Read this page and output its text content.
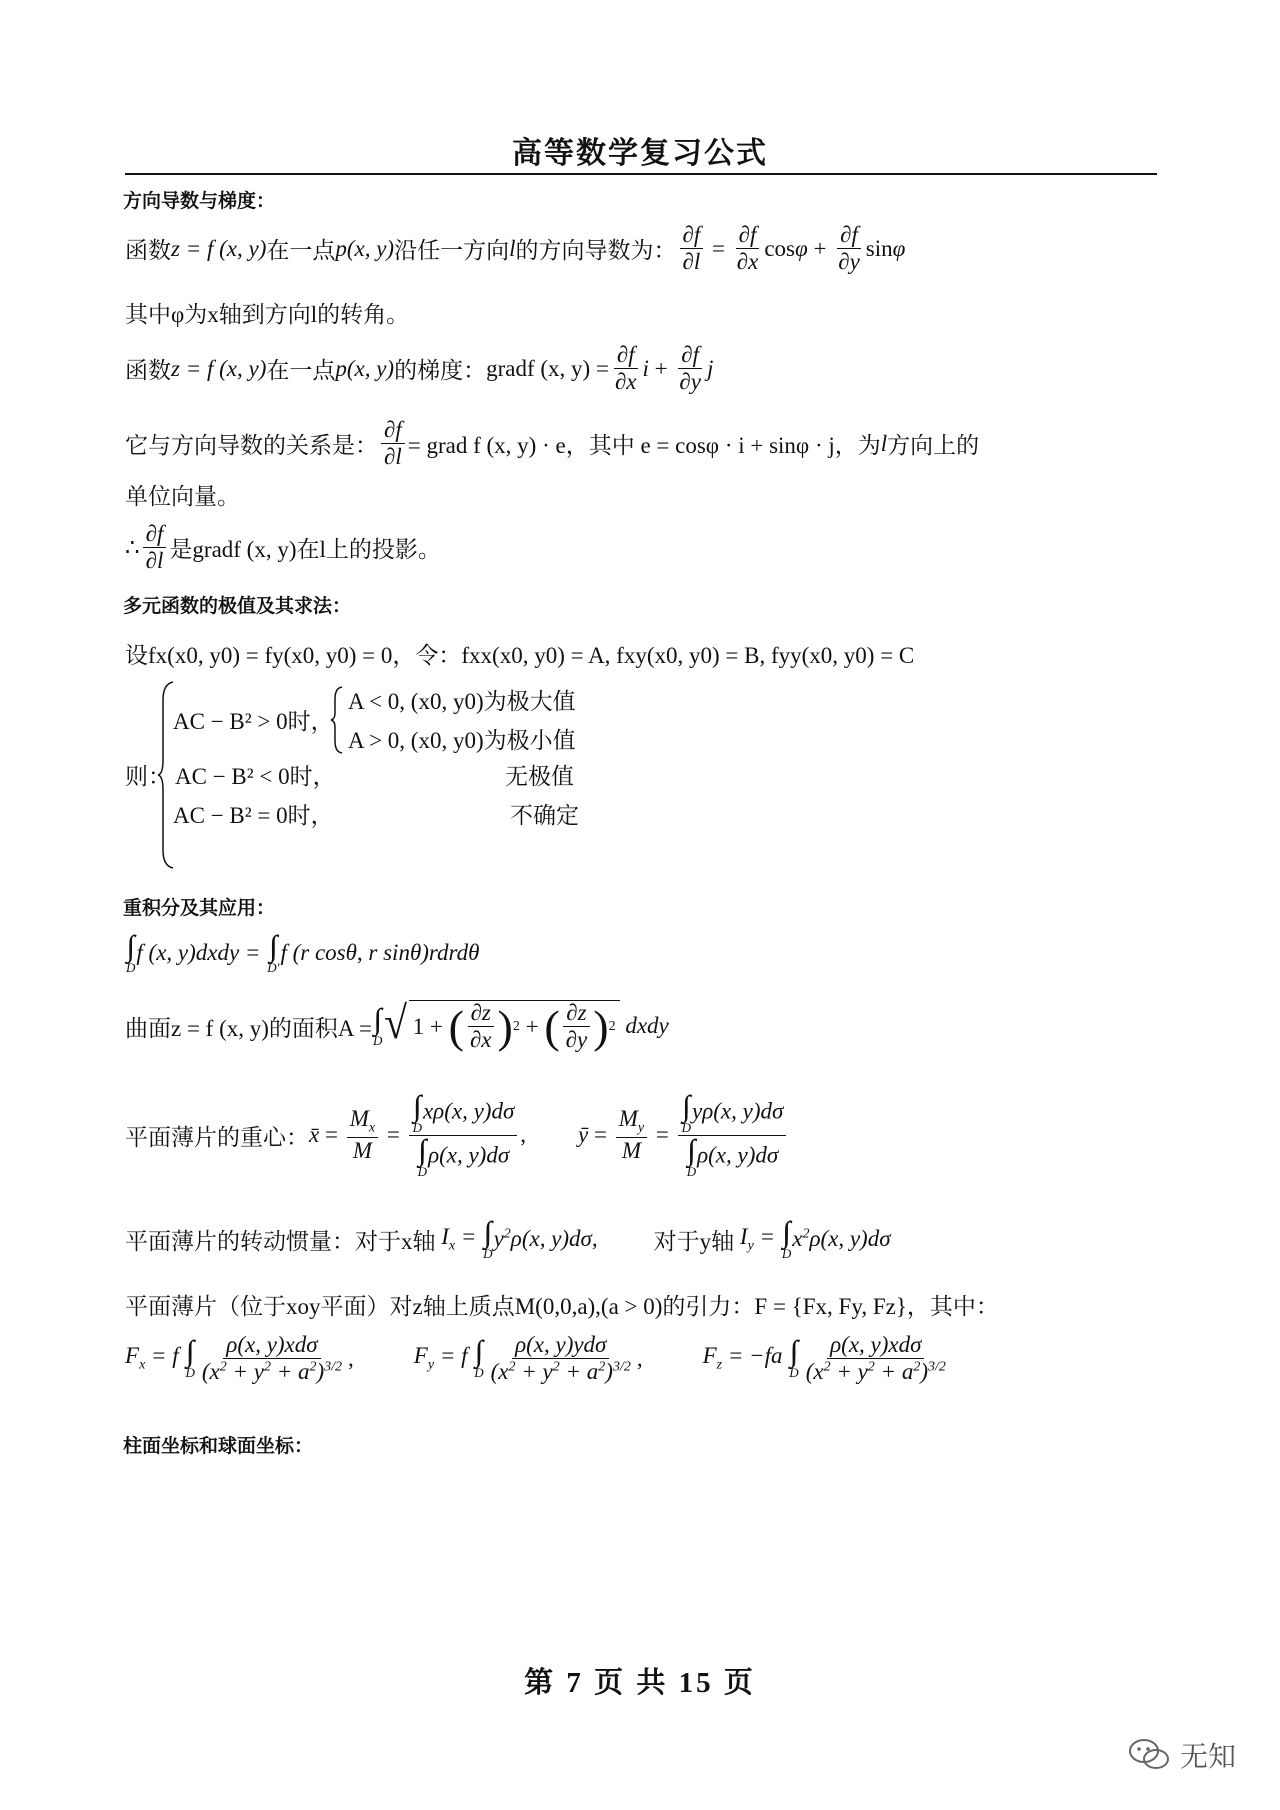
高等数学复习公式
方向导数与梯度：
函数 z = f (x, y) 在一点 p(x, y) 沿任一方向 l 的方向导数为： $\frac{\partial f}{\partial l} = \frac{\partial f}{\partial x}$ $\cos\varphi + \frac{\partial f}{\partial y}$ sinφ
其中φ为x轴到方向l的转角。
函数 z = f (x, y) 在一点 p(x, y) 的梯度： gradf (x, $y) = \frac{\partial f}{\partial x}$ $i + \frac{\partial f}{\partial y}$ j
它与方向导数的关系是： $\frac{\partial f}{\partial l}$ = grad f (x, y) · e，其中 e = cosφ · i + sinφ · j，为 l 方向上的
单位向量。
∴ $\frac{\partial f}{\partial l}$ 是gradf (x, y)在l上的投影。
多元函数的极值及其求法：
设fx(x0, y0) = fy(x0, y0) = 0，令：fxx(x0, y0) = A, fxy(x0, y0) = B, fyy(x0, y0) = C
则：
AC − B² > 0时，
A < 0, (x0, y0)为极大值
A > 0, (x0, y0)为极小值
AC − B² < 0时，	无极值
AC − B² = 0时，	不确定
重积分及其应用：
∫∫
D
f (x, y)dxdy =
∫∫
D′
f (r cosθ, r sinθ)rdrdθ
曲面z = f (x, y)的面积A = ∫∫
D √ 1 + ( $\frac{\partial z}{\partial x}$ ) 2 + ( $\frac{\partial z}{\partial y}$ ) 2 dxdy
平面薄片的重心： x̄ = $\frac{M_x}{M}$ = ∫∫
D
xρ(x, y)dσ
∫∫
D
ρ(x, y)dσ , ȳ = $\frac{M_y}{M}$ = ∫∫
D
yρ(x, y)dσ
∫∫
D
ρ(x, y)dσ
平面薄片的转动惯量：对于x轴 $I_x$ = ∫∫
D
$y^2\rho(x$, y)dσ, 对于y轴 $I_y$ = ∫∫
D
$x^2\rho(x$, y)dσ
平面薄片（位于xoy平面）对z轴上质点M(0,0,a),(a > 0)的引力：F = {Fx, Fy, Fz}，其中：
$F_x = f$ ∫∫
D $\frac{\text{ρ(x, y)xdσ}}{(x^2 + y^2 + a^2)^{3/2}}$ ,	$F_y = f$ ∫∫
D $\frac{\text{ρ(x, y)ydσ}}{(x^2 + y^2 + a^2)^{3/2}}$ ,	$F_z = -fa$ ∫∫
D $\frac{\text{ρ(x, y)xdσ}}{(x^2 + y^2 + a^2)^{3/2}}$
柱面坐标和球面坐标：
第 7 页 共 15 页
无知
